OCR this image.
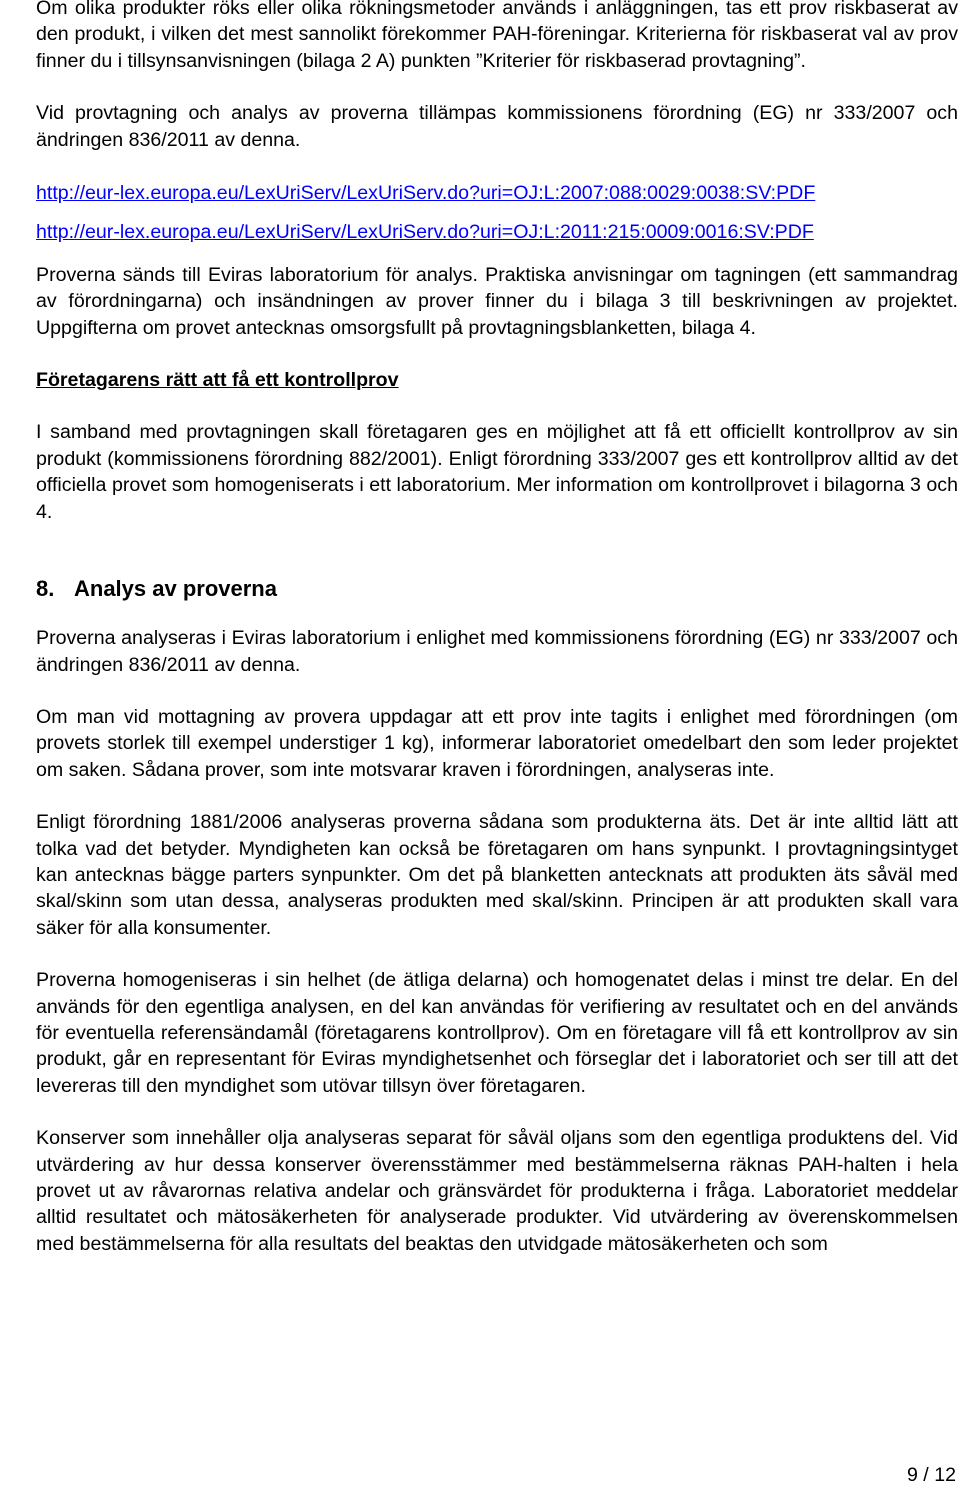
Om olika produkter röks eller olika rökningsmetoder används i anläggningen, tas ett prov riskbaserat av den produkt, i vilken det mest sannolikt förekommer PAH-föreningar. Kriterierna för riskbaserat val av prov finner du i tillsynsanvisningen (bilaga 2 A) punkten ”Kriterier för riskbaserad provtagning”.

Vid provtagning och analys av proverna tillämpas kommissionens förordning (EG) nr 333/2007 och ändringen 836/2011 av denna.

http://eur-lex.europa.eu/LexUriServ/LexUriServ.do?uri=OJ:L:2007:088:0029:0038:SV:PDF
http://eur-lex.europa.eu/LexUriServ/LexUriServ.do?uri=OJ:L:2011:215:0009:0016:SV:PDF

Proverna sänds till Eviras laboratorium för analys. Praktiska anvisningar om tagningen (ett sammandrag av förordningarna) och insändningen av prover finner du i bilaga 3 till beskrivningen av projektet. Uppgifterna om provet antecknas omsorgsfullt på provtagningsblanketten, bilaga 4.

Företagarens rätt att få ett kontrollprov

I samband med provtagningen skall företagaren ges en möjlighet att få ett officiellt kontrollprov av sin produkt (kommissionens förordning 882/2001). Enligt förordning 333/2007 ges ett kontrollprov alltid av det officiella provet som homogeniserats i ett laboratorium. Mer information om kontrollprovet i bilagorna 3 och 4.

8. Analys av proverna

Proverna analyseras i Eviras laboratorium i enlighet med kommissionens förordning (EG) nr 333/2007 och ändringen 836/2011 av denna.

Om man vid mottagning av provera uppdagar att ett prov inte tagits i enlighet med förordningen (om provets storlek till exempel understiger 1 kg), informerar laboratoriet omedelbart den som leder projektet om saken. Sådana prover, som inte motsvarar kraven i förordningen, analyseras inte.

Enligt förordning 1881/2006 analyseras proverna sådana som produkterna äts. Det är inte alltid lätt att tolka vad det betyder. Myndigheten kan också be företagaren om hans synpunkt. I provtagningsintyget kan antecknas bägge parters synpunkter. Om det på blanketten antecknats att produkten äts såväl med skal/skinn som utan dessa, analyseras produkten med skal/skinn. Principen är att produkten skall vara säker för alla konsumenter.

Proverna homogeniseras i sin helhet (de ätliga delarna) och homogenatet delas i minst tre delar. En del används för den egentliga analysen, en del kan användas för verifiering av resultatet och en del används för eventuella referensändamål (företagarens kontrollprov). Om en företagare vill få ett kontrollprov av sin produkt, går en representant för Eviras myndighetsenhet och förseglar det i laboratoriet och ser till att det levereras till den myndighet som utövar tillsyn över företagaren.

Konserver som innehåller olja analyseras separat för såväl oljans som den egentliga produktens del. Vid utvärdering av hur dessa konserver överensstämmer med bestämmelserna räknas PAH-halten i hela provet ut av råvarornas relativa andelar och gränsvärdet för produkterna i fråga. Laboratoriet meddelar alltid resultatet och mätosäkerheten för analyserade produkter. Vid utvärdering av överenskommelsen med bestämmelserna för alla resultats del beaktas den utvidgade mätosäkerheten och som

9 / 12
